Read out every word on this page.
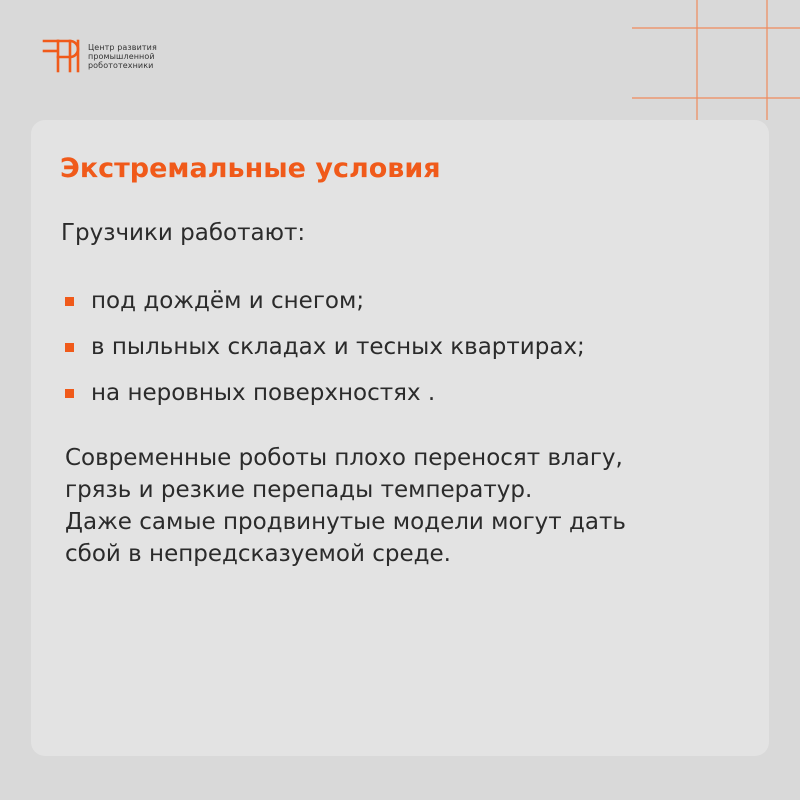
Центр развития
промышленной
робототехники
Экстремальные условия

Грузчики работают:

под дождём и снегом;
в пыльных складах и тесных квартирах;
на неровных поверхностях .

Современные роботы плохо переносят влагу,
грязь и резкие перепады температур.
Даже самые продвинутые модели могут дать
сбой в непредсказуемой среде.
